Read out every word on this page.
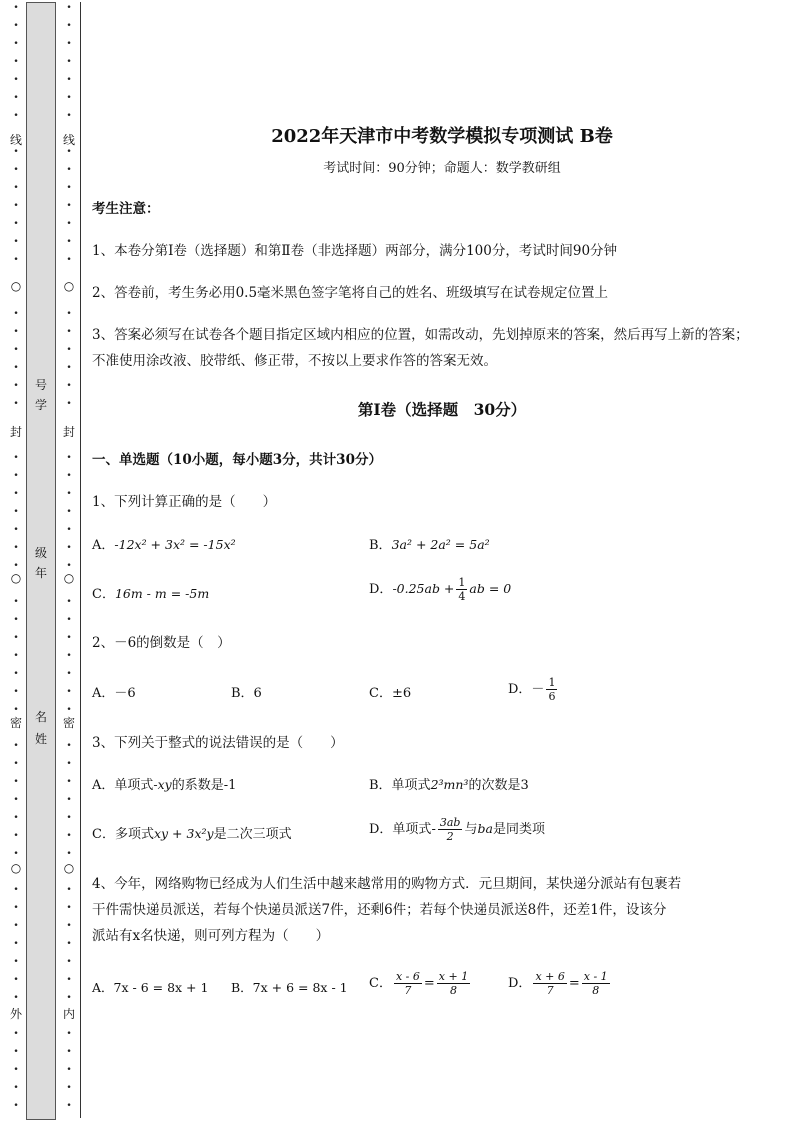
•
•
•
•
•
•
•
•
•
•
•
•
•
•
•
•
•
•
•
•
•
•
•
•
•
•
•
•
•
•
•
•
•
•
•
•
•
•
•
•
•
•
•
•
•
•
•
•
•
•
•
•
•
线
○
封
○
密
○
外
•
•
•
•
•
•
•
•
•
•
•
•
•
•
•
•
•
•
•
•
•
•
•
•
•
•
•
•
•
•
•
•
•
•
•
•
•
•
•
•
•
•
•
•
•
•
•
•
•
•
•
•
•
线
○
封
○
密
○
内
号
学
级
年
名
姓
2022年天津市中考数学模拟专项测试 B卷
考试时间：90分钟；命题人：数学教研组
考生注意：
1、本卷分第Ⅰ卷（选择题）和第Ⅱ卷（非选择题）两部分，满分100分，考试时间90分钟
2、答卷前，考生务必用0.5毫米黑色签字笔将自己的姓名、班级填写在试卷规定位置上
3、答案必须写在试卷各个题目指定区域内相应的位置，如需改动，先划掉原来的答案，然后再写上新的答案；不准使用涂改液、胶带纸、修正带，不按以上要求作答的答案无效。
第Ⅰ卷（选择题　30分）
一、单选题（10小题，每小题3分，共计30分）
1、下列计算正确的是（　　）
A．-12x² + 3x² = -15x²	B．3a² + 2a² = 5a²
C．16m - m = -5m	D．$-0.25ab + \frac{1}{4}$ ab = 0
2、－6的倒数是（　）
A．－6	B．6	C．±6	D．－ $\frac{1}{6}$
3、下列关于整式的说法错误的是（　　）
A．单项式-xy的系数是-1	B．单项式2³mn³的次数是3
C．多项式xy + 3x²y是二次三项式	D．单项式- $\frac{3ab}{2}$ 与ba是同类项
4、今年，网络购物已经成为人们生活中越来越常用的购物方式．元旦期间，某快递分派站有包裹若
干件需快递员派送，若每个快递员派送7件，还剩6件；若每个快递员派送8件，还差1件，设该分
派站有x名快递，则可列方程为（　　）
A．7x - 6 = 8x + 1 B．7x + 6 = 8x - 1 C． $\frac{x - 6}{7} = \frac{x + 1}{8}$	D． $\frac{x + 6}{7} = \frac{x - 1}{8}$
